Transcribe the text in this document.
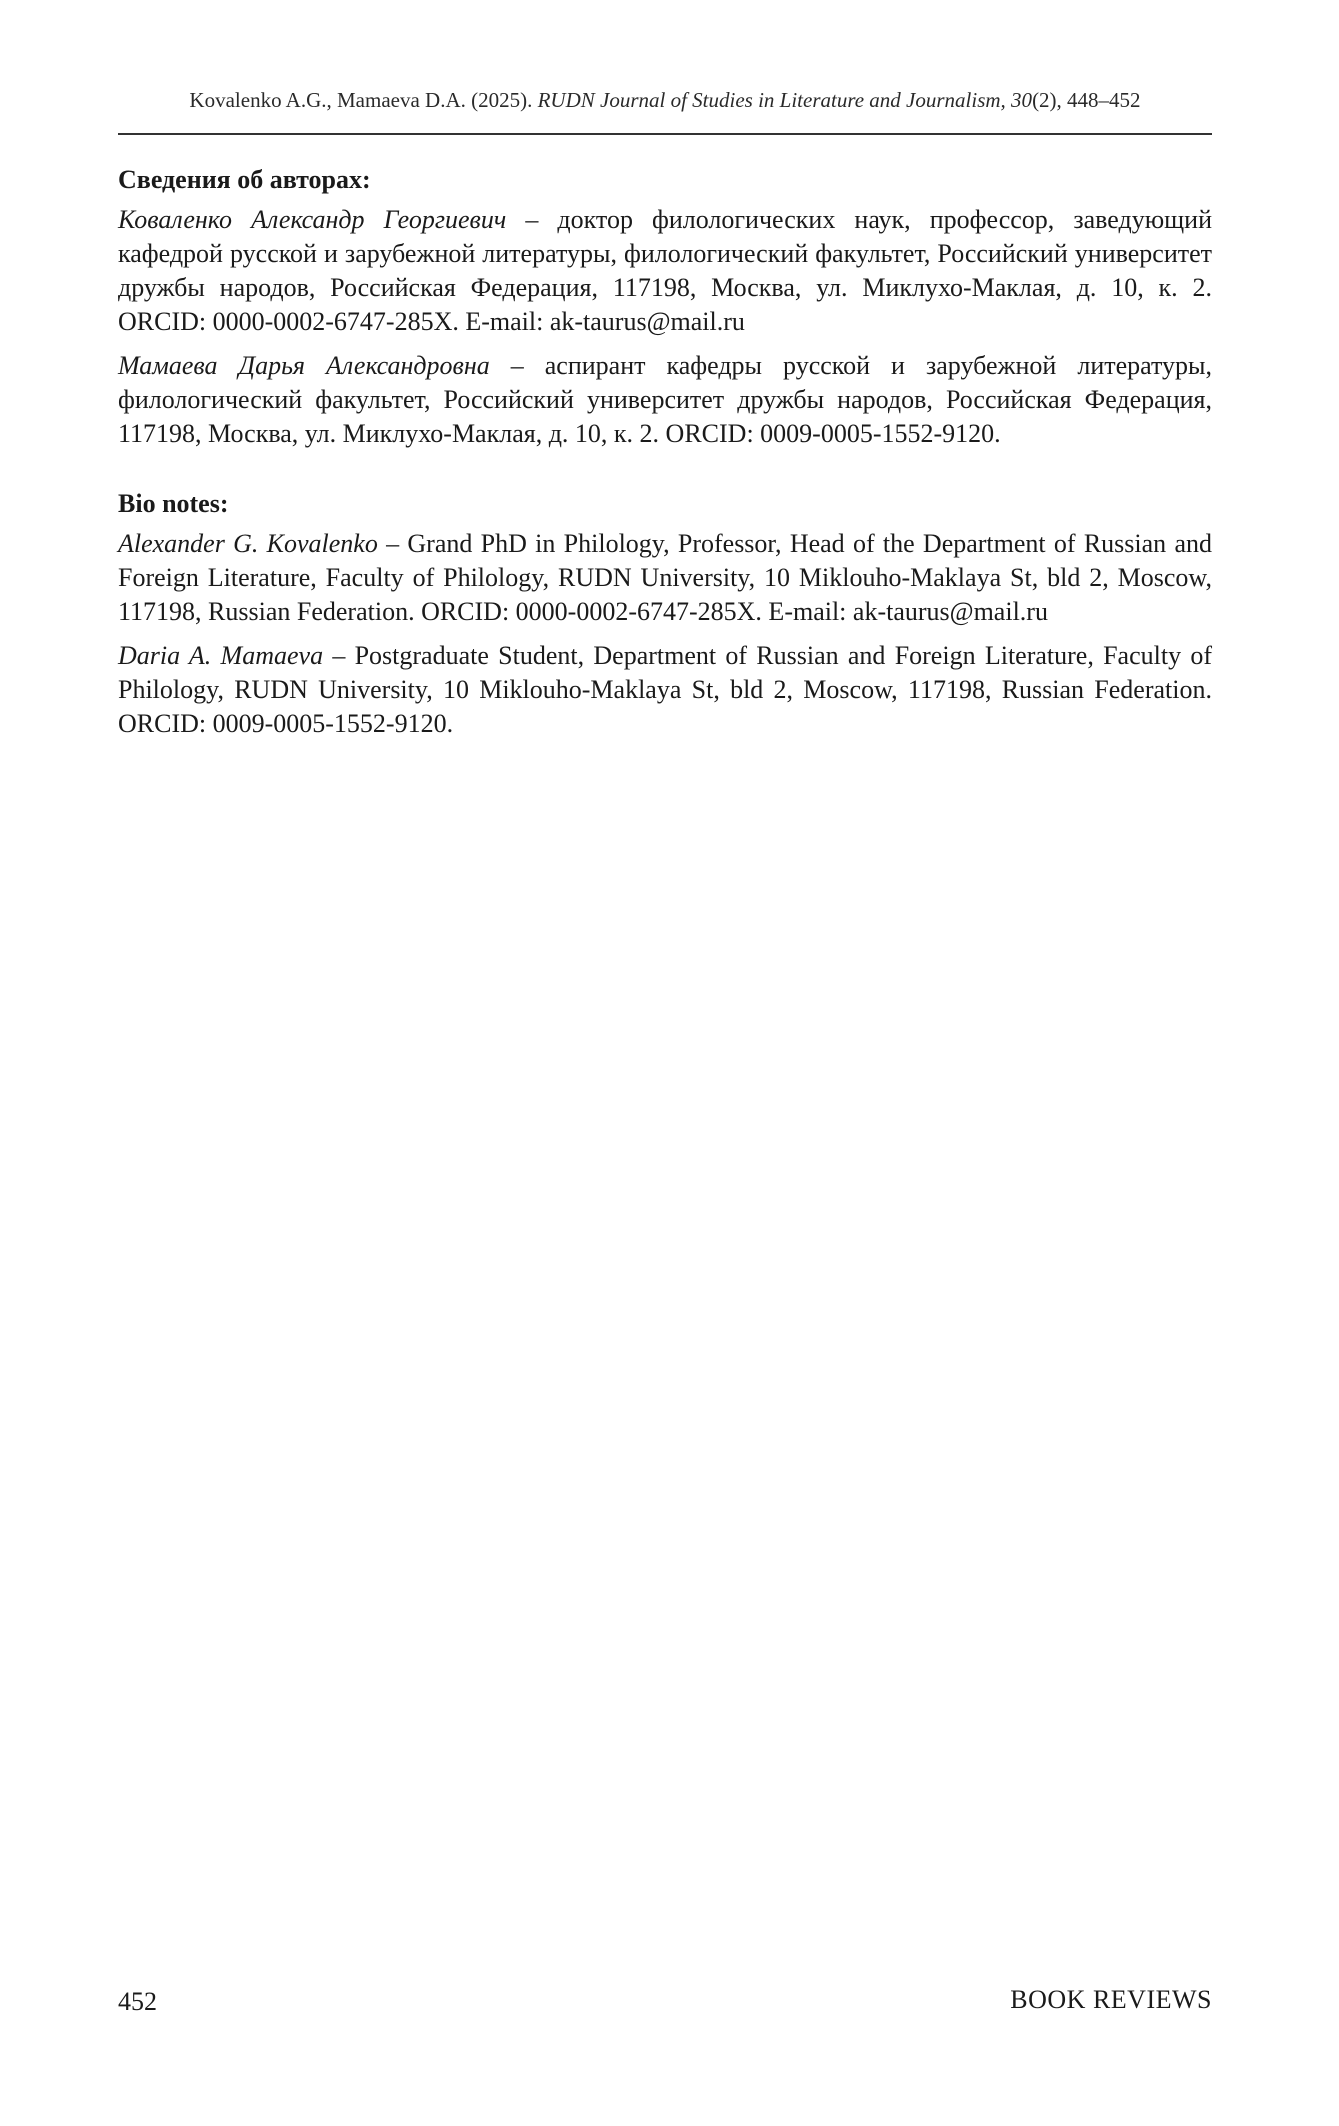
Kovalenko A.G., Mamaeva D.A. (2025). RUDN Journal of Studies in Literature and Journalism, 30(2), 448–452

Сведения об авторах:

Коваленко Александр Георгиевич – доктор филологических наук, профессор, заведующий кафедрой русской и зарубежной литературы, филологический факультет, Российский университет дружбы народов, Российская Федерация, 117198, Москва, ул. Миклухо-Маклая, д. 10, к. 2. ORCID: 0000-0002-6747-285X. E-mail: ak-taurus@mail.ru

Мамаева Дарья Александровна – аспирант кафедры русской и зарубежной литературы, филологический факультет, Российский университет дружбы народов, Российская Федерация, 117198, Москва, ул. Миклухо-Маклая, д. 10, к. 2. ORCID: 0009-0005-1552-9120.

Bio notes:

Alexander G. Kovalenko – Grand PhD in Philology, Professor, Head of the Department of Russian and Foreign Literature, Faculty of Philology, RUDN University, 10 Miklouho-Maklaya St, bld 2, Moscow, 117198, Russian Federation. ORCID: 0000-0002-6747-285X. E-mail: ak-taurus@mail.ru

Daria A. Mamaeva – Postgraduate Student, Department of Russian and Foreign Literature, Faculty of Philology, RUDN University, 10 Miklouho-Maklaya St, bld 2, Moscow, 117198, Russian Federation. ORCID: 0009-0005-1552-9120.

452	BOOK REVIEWS
